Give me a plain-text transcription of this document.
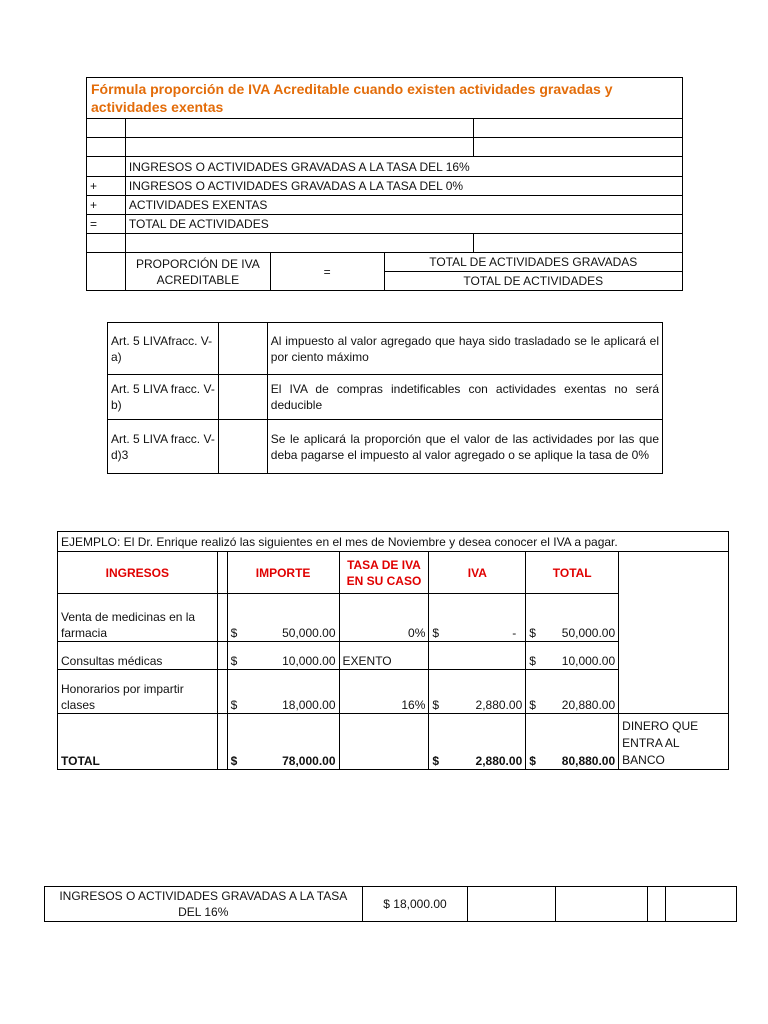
Fórmula proporción de IVA Acreditable cuando existen actividades gravadas y actividades exentas				

	INGRESOS O ACTIVIDADES GRAVADAS A LA TASA DEL 16%			
+	INGRESOS O ACTIVIDADES GRAVADAS A LA TASA DEL 0%			
+	ACTIVIDADES EXENTAS			
=	TOTAL DE ACTIVIDADES			

	PROPORCIÓN DE IVA ACREDITABLE	=	TOTAL DE ACTIVIDADES GRAVADAS	
			TOTAL DE ACTIVIDADES	
Art. 5 LIVAfracc. V-a)		Al impuesto al valor agregado que haya sido trasladado se le aplicará el por ciento máximo
Art. 5 LIVA fracc. V-b)		El IVA de compras indetificables con actividades exentas no será deducible
Art. 5 LIVA fracc. V-d)3		Se le aplicará la proporción que el valor de las actividades por las que deba pagarse el impuesto al valor agregado o se aplique la tasa de 0%
EJEMPLO: El Dr. Enrique realizó las siguientes en el mes de Noviembre y desea conocer el IVA a pagar.						
INGRESOS		IMPORTE	TASA DE IVA EN SU CASO	IVA	TOTAL	
Venta de medicinas en la farmacia		$ 50,000.00	0%	$ -	$ 50,000.00	

Consultas médicas		$ 10,000.00	EXENTO		$ 10,000.00	

Honorarios por impartir clases		$ 18,000.00	16%	$ 2,880.00	$ 20,880.00	

TOTAL		$ 78,000.00		$ 2,880.00	$ 80,880.00	DINERO QUE ENTRA AL BANCO
INGRESOS O ACTIVIDADES GRAVADAS A LA TASA DEL 16%	$ 18,000.00				
